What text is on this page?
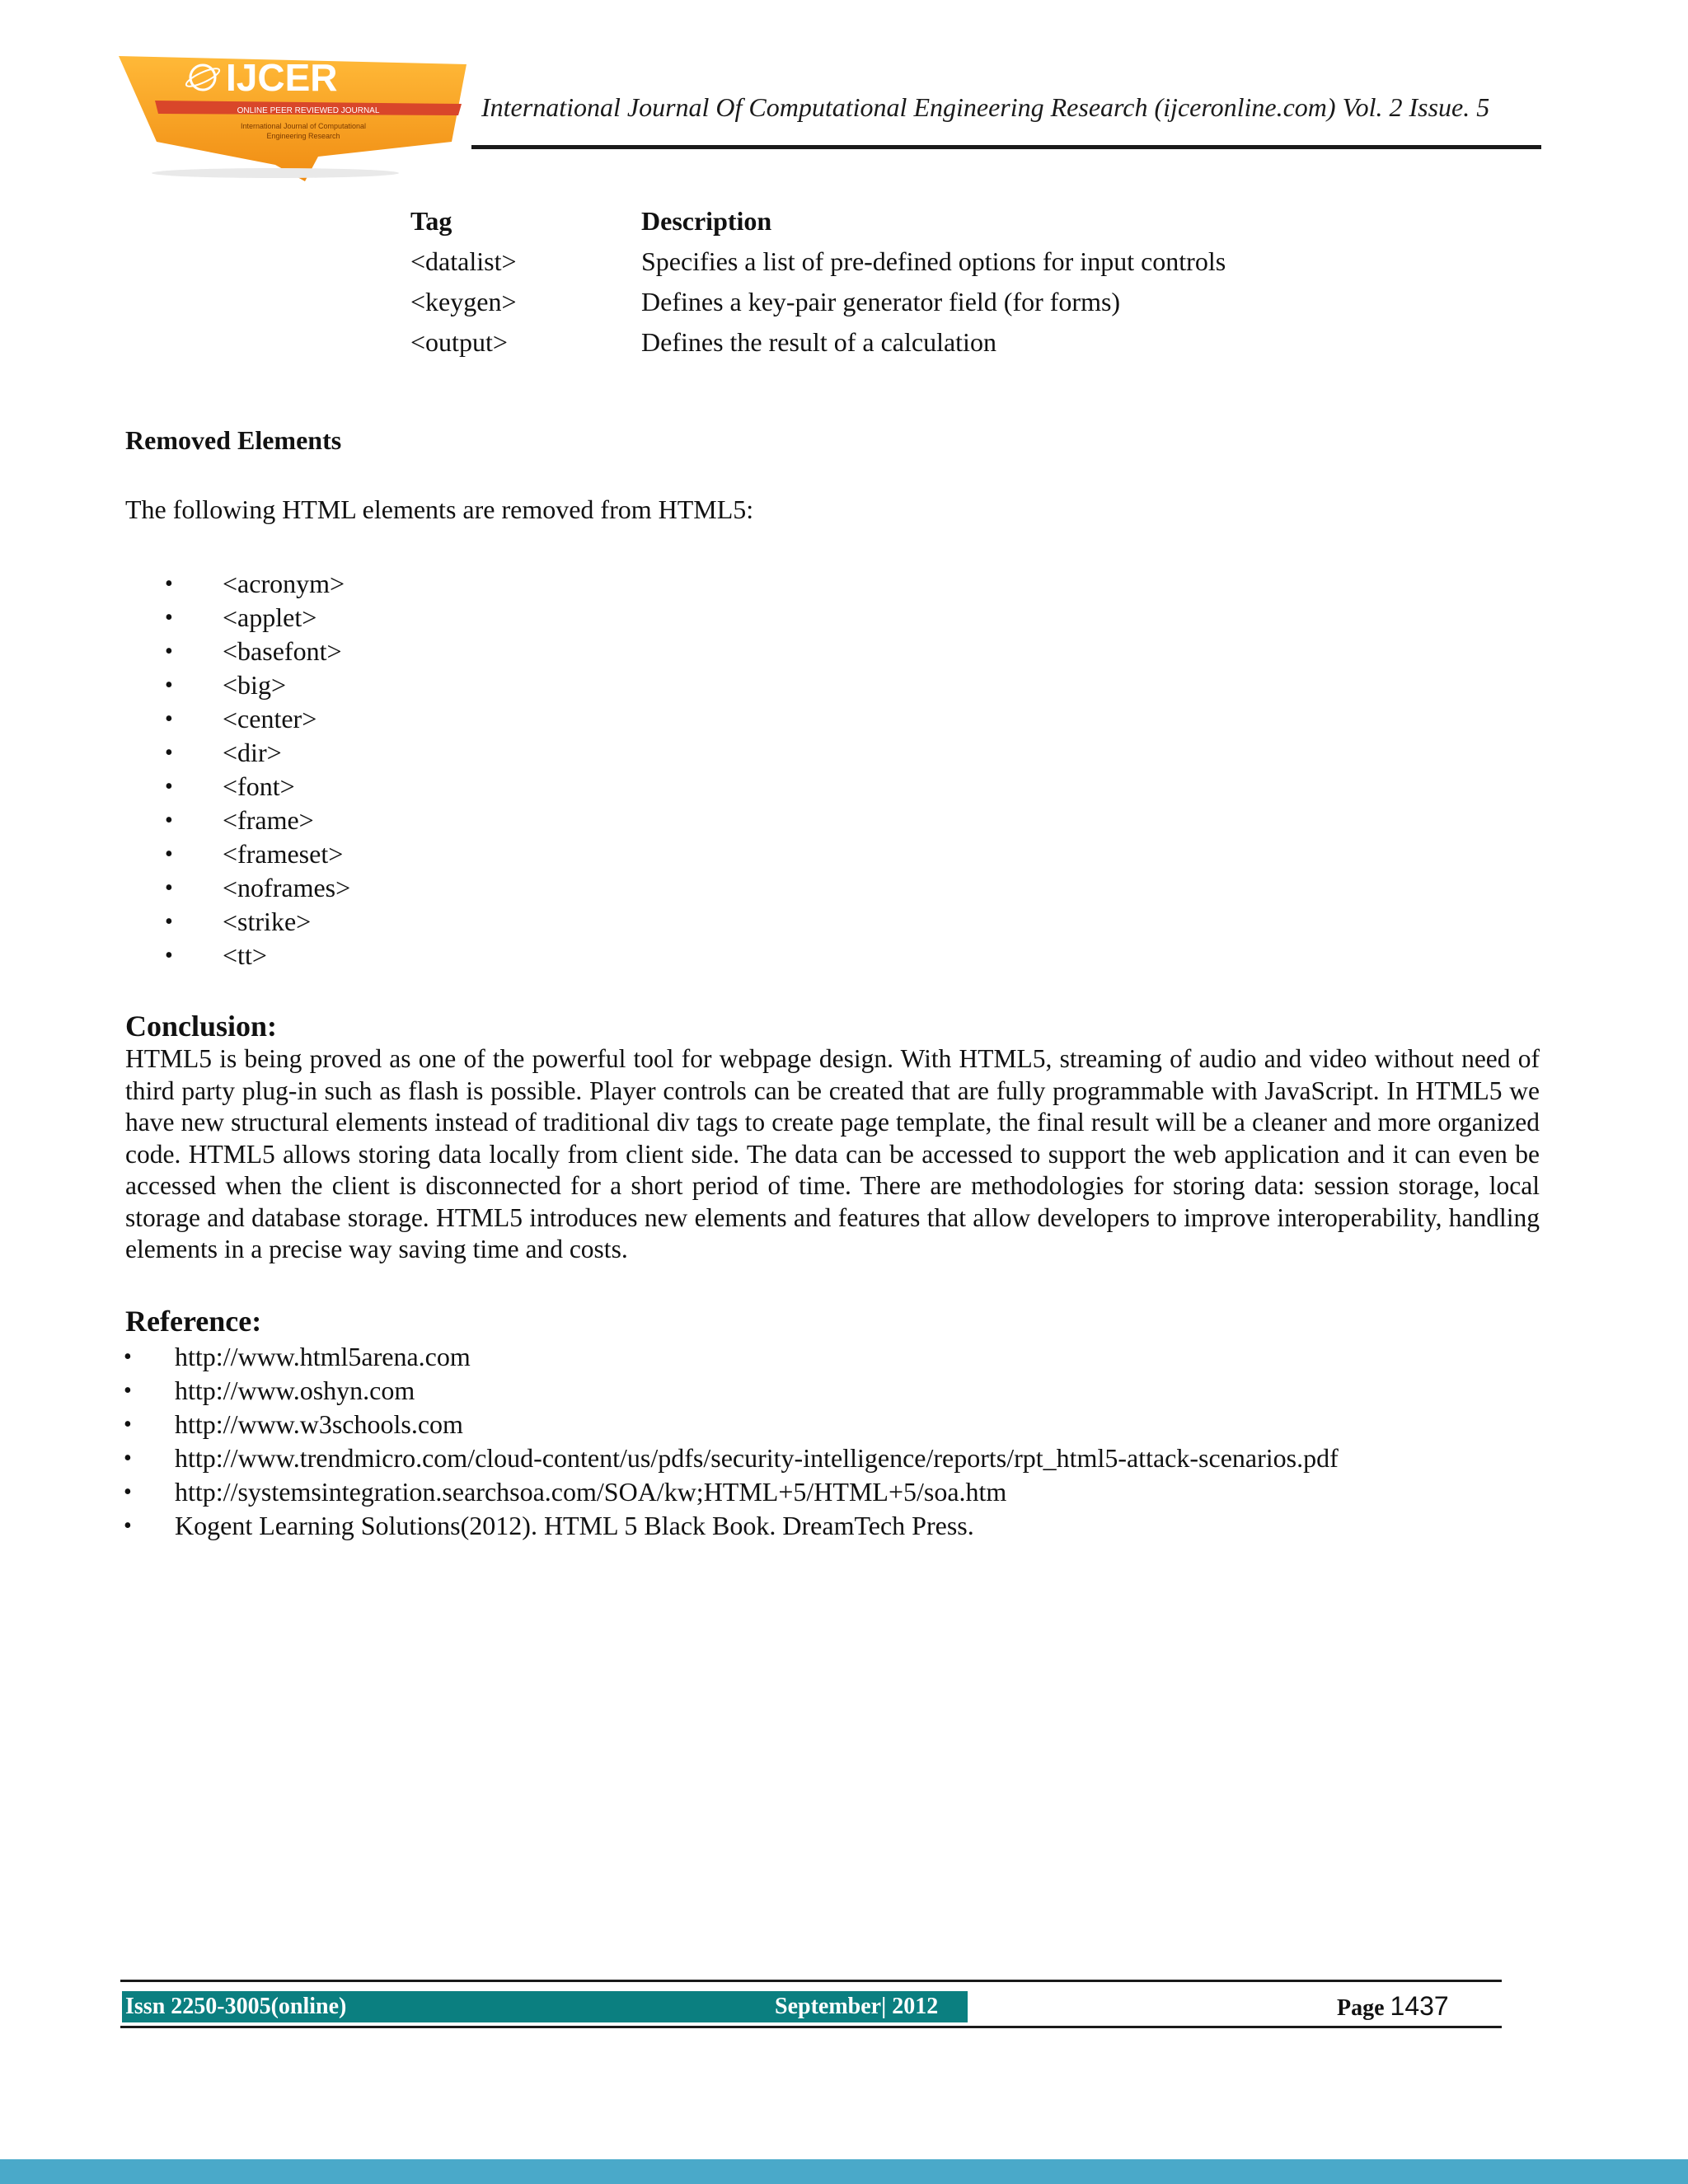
IJCER
ONLINE PEER REVIEWED JOURNAL
International Journal of Computational
Engineering Research
International Journal Of Computational Engineering Research (ijceronline.com) Vol. 2 Issue. 5
Tag	Description
<datalist>	Specifies a list of pre-defined options for input controls
<keygen>	Defines a key-pair generator field (for forms)
<output>	Defines the result of a calculation
Removed Elements
The following HTML elements are removed from HTML5:
•	<acronym>
•	<applet>
•	<basefont>
•	<big>
•	<center>
•	<dir>
•	<font>
•	<frame>
•	<frameset>
•	<noframes>
•	<strike>
•	<tt>
Conclusion:

HTML5 is being proved as one of the powerful tool for webpage design. With HTML5, streaming of audio and video without need of third party plug-in such as flash is possible. Player controls can be created that are fully programmable with JavaScript. In HTML5 we have new structural elements instead of traditional div tags to create page template, the final result will be a cleaner and more organized code. HTML5 allows storing data locally from client side. The data can be accessed to support the web application and it can even be accessed when the client is disconnected for a short period of time. There are methodologies for storing data: session storage, local storage and database storage. HTML5 introduces new elements and features that allow developers to improve interoperability, handling elements in a precise way saving time and costs.

Reference:
•	http://www.html5arena.com
•	http://www.oshyn.com
•	http://www.w3schools.com
•	http://www.trendmicro.com/cloud-content/us/pdfs/security-intelligence/reports/rpt_html5-attack-scenarios.pdf
•	http://systemsintegration.searchsoa.com/SOA/kw;HTML+5/HTML+5/soa.htm
•	Kogent Learning Solutions(2012). HTML 5 Black Book. DreamTech Press.
Issn 2250-3005(online)	September| 2012	Page 1437
